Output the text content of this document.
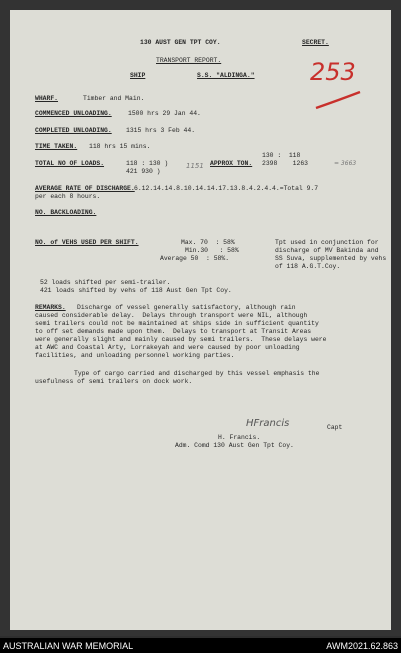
130 AUST GEN TPT COY.	SECRET.
TRANSPORT REPORT.
SHIP	S.S. "ALDINGA." 253
WHARF.	Timber and Main.
COMMENCED UNLOADING.	1500 hrs 29 Jan 44.
COMPLETED UNLOADING. 1315 hrs 3 Feb 44.
TIME TAKEN. 118 hrs 15 mins.
TOTAL NO OF LOADS.	118 : 130 )
421 930 )
1151 APPROX TON.
130 :  118
2398    1263	= 3663
AVERAGE RATE OF DISCHARGE. 6.12.14.14.8.10.14.14.17.13.8.4.2.4.4.=Total 9.7
per each 8 hours.
NO. BACKLOADING.
NO. of VEHS USED PER SHIFT.	Max. 70  : 58%
Min.30   : 58%
Average 50  : 58%.
Tpt used in conjunction for
discharge of MV Bakinda and
SS Suva, supplemented by vehs
of 118 A.G.T.Coy.
52 loads shifted per semi-trailer.
421 loads shifted by vehs of 118 Aust Gen Tpt Coy.
REMARKS. Discharge of vessel generally satisfactory, although rain
caused considerable delay.  Delays through transport were NIL, although
semi trailers could not be maintained at ships side in sufficient quantity
to off set demands made upon them.  Delays to transport at Transit Areas
were generally slight and mainly caused by semi trailers.  These delays were
at AWC and Coastal Arty, Lorrakeyah and were caused by poor unloading
facilities, and unloading personnel working parties.
Type of cargo carried and discharged by this vessel emphasis the
usefulness of semi trailers on dock work.
HFrancis	Capt
H. Francis.
Adm. Comd 130 Aust Gen Tpt Coy.
AUSTRALIAN WAR MEMORIAL	AWM2021.62.863
